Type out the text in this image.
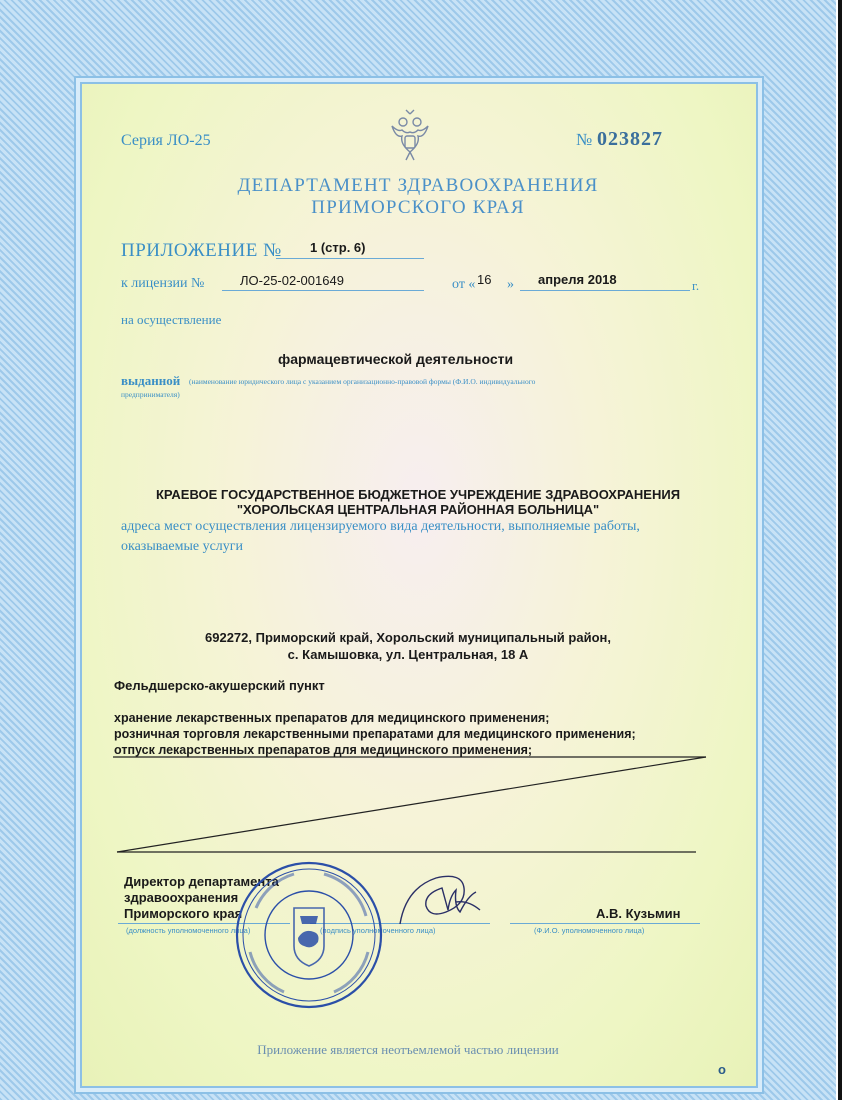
Серия ЛО-25	№ 023827
ДЕПАРТАМЕНТ ЗДРАВООХРАНЕНИЯ
ПРИМОРСКОГО КРАЯ
ПРИЛОЖЕНИЕ № 1 (стр. 6)
к лицензии №	ЛО-25-02-001649	от « 16 » апреля 2018	г.
на осуществление
фармацевтической деятельности
выданной (наименование юридического лица с указанием организационно-правовой формы (Ф.И.О. индивидуального
предпринимателя)
КРАЕВОЕ ГОСУДАРСТВЕННОЕ БЮДЖЕТНОЕ УЧРЕЖДЕНИЕ ЗДРАВООХРАНЕНИЯ
"ХОРОЛЬСКАЯ ЦЕНТРАЛЬНАЯ РАЙОННАЯ БОЛЬНИЦА"
адреса мест осуществления лицензируемого вида деятельности, выполняемые работы,
оказываемые услуги
692272, Приморский край, Хорольский муниципальный район,
с. Камышовка, ул. Центральная, 18 А
Фельдшерско-акушерский пункт
хранение лекарственных препаратов для медицинского применения;
розничная торговля лекарственными препаратами для медицинского применения;
отпуск лекарственных препаратов для медицинского применения;
Директор департамента
здравоохранения
Приморского края	А.В. Кузьмин
(должность уполномоченного лица)	(подпись уполномоченного лица)	(Ф.И.О. уполномоченного лица)
Приложение является неотъемлемой частью лицензии
о
